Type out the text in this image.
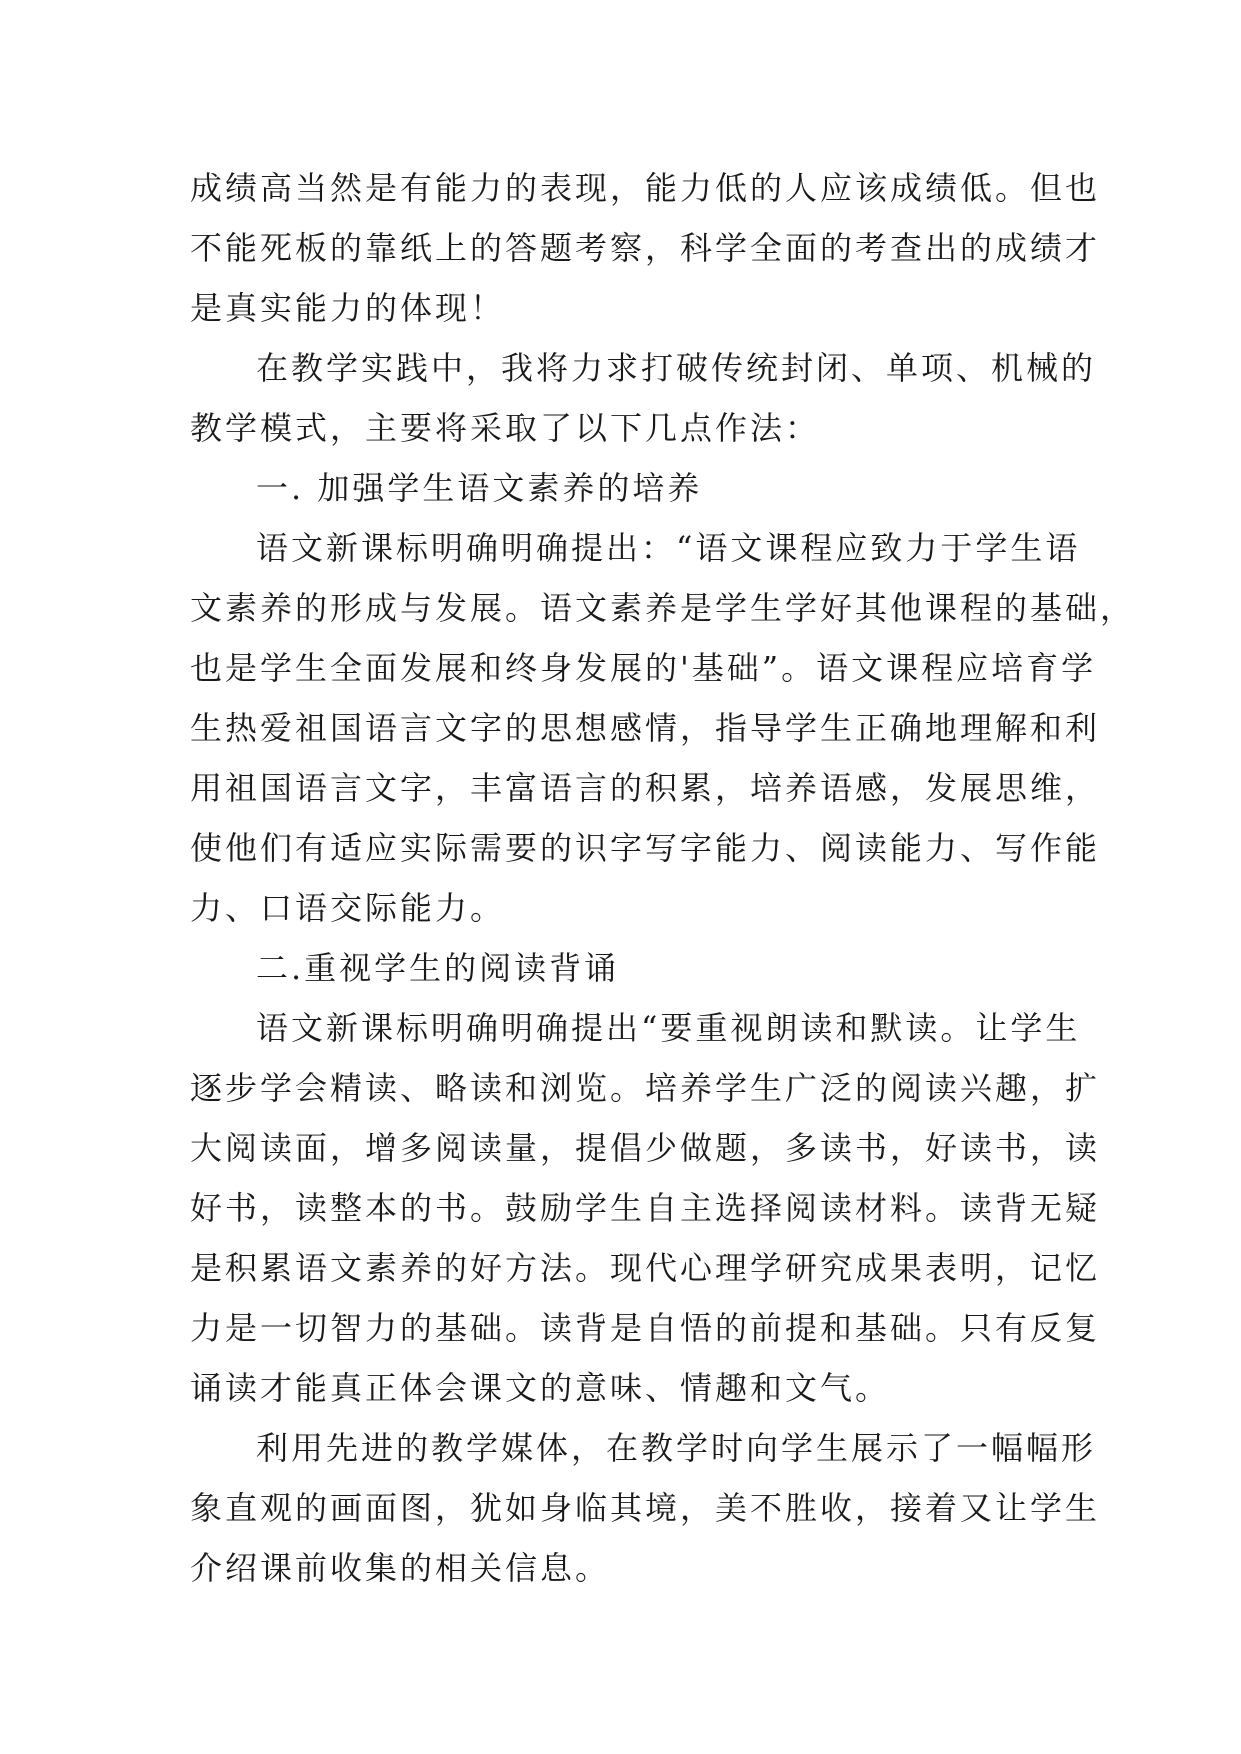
成绩高当然是有能力的表现，能力低的人应该成绩低。但也
不能死板的靠纸上的答题考察，科学全面的考查出的成绩才
是真实能力的体现！
在教学实践中，我将力求打破传统封闭、单项、机械的
教学模式，主要将采取了以下几点作法：
一. 加强学生语文素养的培养
语文新课标明确明确提出：“语文课程应致力于学生语
文素养的形成与发展。语文素养是学生学好其他课程的基础，
也是学生全面发展和终身发展的'基础”。语文课程应培育学
生热爱祖国语言文字的思想感情，指导学生正确地理解和利
用祖国语言文字，丰富语言的积累，培养语感，发展思维，
使他们有适应实际需要的识字写字能力、阅读能力、写作能
力、口语交际能力。
二.重视学生的阅读背诵
语文新课标明确明确提出“要重视朗读和默读。让学生
逐步学会精读、略读和浏览。培养学生广泛的阅读兴趣，扩
大阅读面，增多阅读量，提倡少做题，多读书，好读书，读
好书，读整本的书。鼓励学生自主选择阅读材料。读背无疑
是积累语文素养的好方法。现代心理学研究成果表明，记忆
力是一切智力的基础。读背是自悟的前提和基础。只有反复
诵读才能真正体会课文的意味、情趣和文气。
利用先进的教学媒体，在教学时向学生展示了一幅幅形
象直观的画面图，犹如身临其境，美不胜收，接着又让学生
介绍课前收集的相关信息。
